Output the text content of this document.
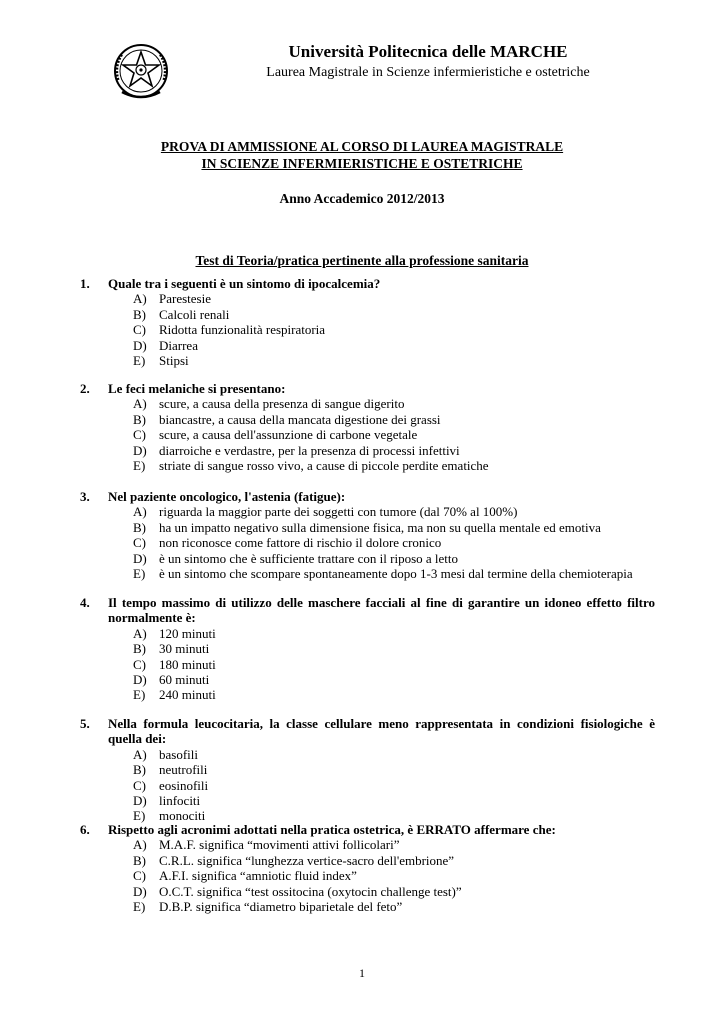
Università Politecnica delle MARCHE
Laurea Magistrale in Scienze infermieristiche e ostetriche
PROVA DI AMMISSIONE AL CORSO DI LAUREA MAGISTRALE
IN SCIENZE INFERMIERISTICHE E OSTETRICHE
Anno Accademico 2012/2013
Test di Teoria/pratica pertinente alla professione sanitaria
1.	Quale tra i seguenti è un sintomo di ipocalcemia?
A) Parestesie
B)	Calcoli renali
C)	Ridotta funzionalità respiratoria
D) Diarrea
E)	Stipsi
2.	Le feci melaniche si presentano:
A) scure, a causa della presenza di sangue digerito
B)	biancastre, a causa della mancata digestione dei grassi
C)	scure, a causa dell'assunzione di carbone vegetale
D) diarroiche e verdastre, per la presenza di processi infettivi
E)	striate di sangue rosso vivo, a cause di piccole perdite ematiche
3.	Nel paziente oncologico, l'astenia (fatigue):
A) riguarda la maggior parte dei soggetti con tumore (dal 70% al 100%)
B)	ha un impatto negativo sulla dimensione fisica, ma non su quella mentale ed emotiva
C)	non riconosce come fattore di rischio il dolore cronico
D) è un sintomo che è sufficiente trattare con il riposo a letto
E)	è un sintomo che scompare spontaneamente dopo 1-3 mesi dal termine della chemioterapia
4.	Il tempo massimo di utilizzo delle maschere facciali al fine di garantire un idoneo effetto filtro normalmente è:
A) 120 minuti
B)	30 minuti
C)	180 minuti
D) 60 minuti
E)	240 minuti
5.	Nella formula leucocitaria, la classe cellulare meno rappresentata in condizioni fisiologiche è quella dei:
A) basofili
B)	neutrofili
C)	eosinofili
D) linfociti
E)	monociti
6.	Rispetto agli acronimi adottati nella pratica ostetrica, è ERRATO affermare che:
A) M.A.F. significa “movimenti attivi follicolari”
B)	C.R.L. significa “lunghezza vertice-sacro dell'embrione”
C)	A.F.I. significa “amniotic fluid index”
D) O.C.T. significa “test ossitocina (oxytocin challenge test)”
E)	D.B.P. significa “diametro biparietale del feto”
1
